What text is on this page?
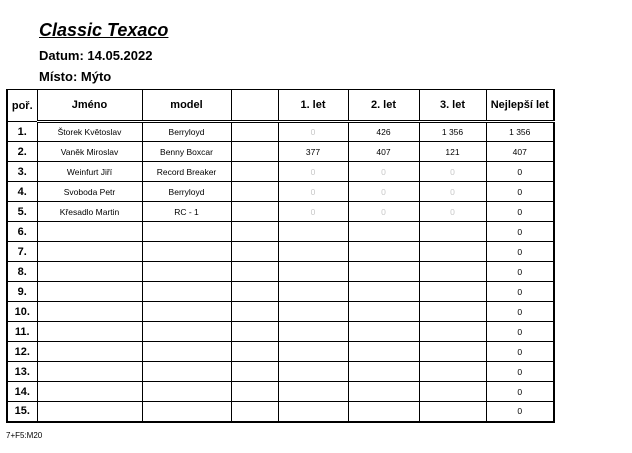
Classic Texaco
Datum: 14.05.2022
Místo: Mýto
poř.	Jméno	model		1. let	2. let	3. let	Nejlepší let
1.	Štorek Květoslav	Berryloyd		0	426	1 356	1 356
2.	Vaněk Miroslav	Benny Boxcar		377	407	121	407
3.	Weinfurt Jiří	Record Breaker		0	0	0	0
4.	Svoboda Petr	Berryloyd		0	0	0	0
5.	Křesadlo Martin	RC - 1		0	0	0	0
6.							0
7.							0
8.							0
9.							0
10.							0
11.							0
12.							0
13.							0
14.							0
15.							0
7+F5:M20
